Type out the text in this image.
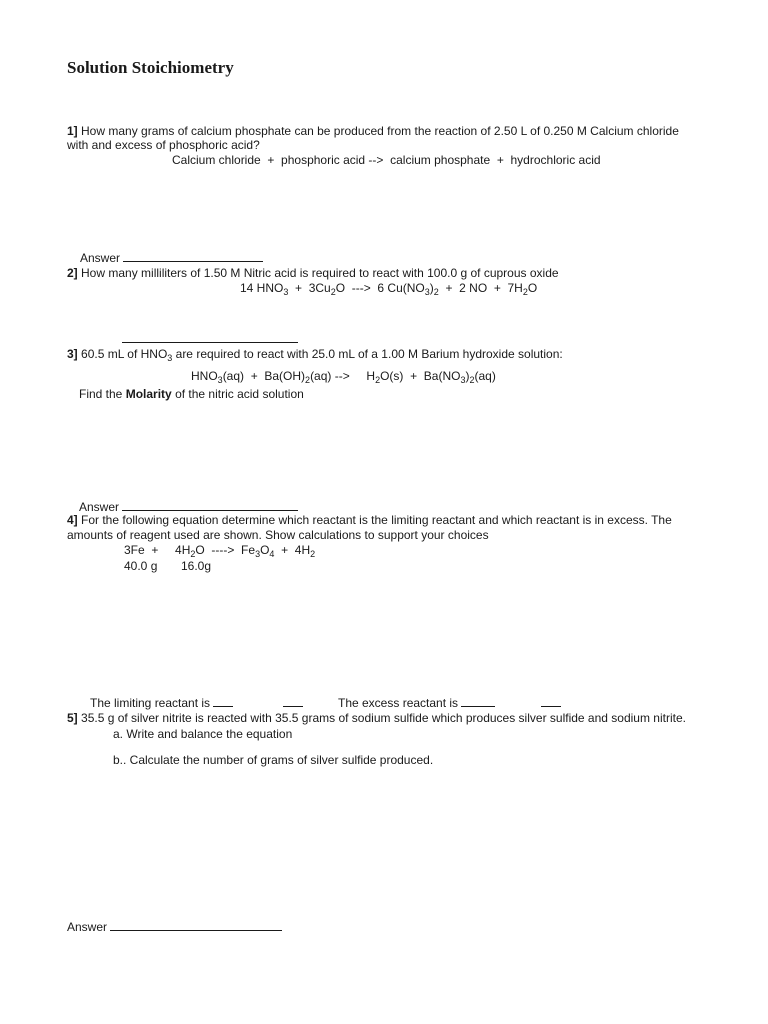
Solution Stoichiometry
1] How many grams of calcium phosphate can be produced from the reaction of 2.50 L of 0.250 M Calcium chloride
with and excess of phosphoric acid?
Calcium chloride  +  phosphoric acid -->  calcium phosphate  +  hydrochloric acid
Answer
2] How many milliliters of 1.50 M Nitric acid is required to react with 100.0 g of cuprous oxide
14 $HNO_3 + 3Cu_2O$  --->  6 $Cu(NO_3)_2 + 2$ NO  +  $7H_2O$
3] 60.5 mL of $HNO_3$ are required to react with 25.0 mL of a 1.00 M Barium hydroxide solution:
$HNO_3(aq) + Ba(OH)_2(aq)$ -->     $H_2O(s) + Ba(NO_3)_2(aq)$
Find the Molarity of the nitric acid solution
Answer
4] For the following equation determine which reactant is the limiting reactant and which reactant is in excess. The
amounts of reagent used are shown. Show calculations to support your choices
3Fe  +     $4H_2O$  ---->  $Fe_3O_4 + 4H_2$
40.0 g 16.0g
The limiting reactant is	The excess reactant is
5] 35.5 g of silver nitrite is reacted with 35.5 grams of sodium sulfide which produces silver sulfide and sodium nitrite.
a. Write and balance the equation
b.. Calculate the number of grams of silver sulfide produced.
Answer
